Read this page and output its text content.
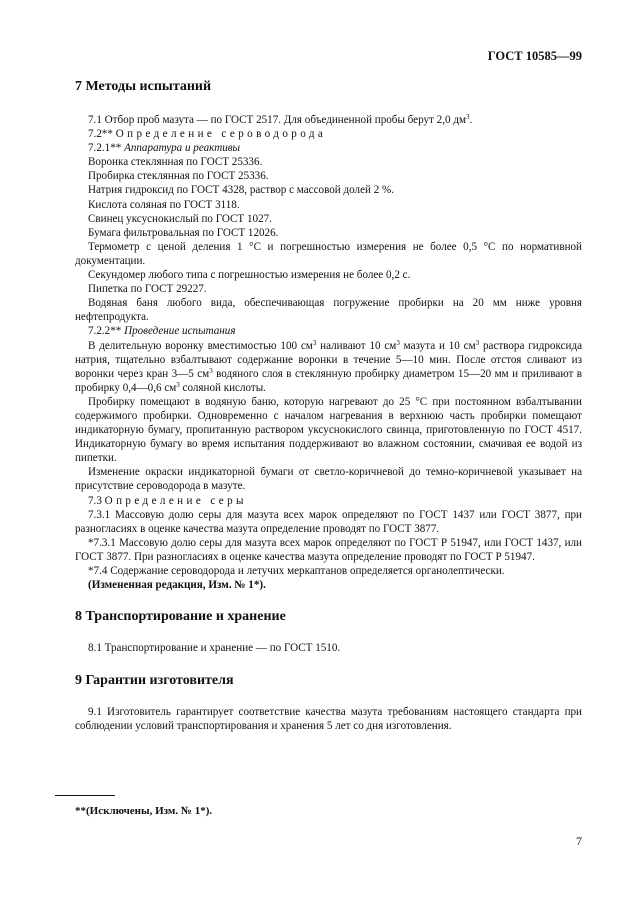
ГОСТ 10585—99
7 Методы испытаний

7.1 Отбор проб мазута — по ГОСТ 2517. Для объединенной пробы берут 2,0 $дм^3$.

7.2** Определение сероводорода

7.2.1** Аппаратура и реактивы

Воронка стеклянная по ГОСТ 25336.

Пробирка стеклянная по ГОСТ 25336.

Натрия гидроксид по ГОСТ 4328, раствор с массовой долей 2 %.

Кислота соляная по ГОСТ 3118.

Свинец уксуснокислый по ГОСТ 1027.

Бумага фильтровальная по ГОСТ 12026.

Термометр с ценой деления 1 °С и погрешностью измерения не более 0,5 °С по нормативной документации.

Секундомер любого типа с погрешностью измерения не более 0,2 с.

Пипетка по ГОСТ 29227.

Водяная баня любого вида, обеспечивающая погружение пробирки на 20 мм ниже уровня нефтепродукта.

7.2.2** Проведение испытания

В делительную воронку вместимостью 100 $см^3$ наливают 10 $см^3$ мазута и 10 $см^3$ раствора гидроксида натрия, тщательно взбалтывают содержание воронки в течение 5—10 мин. После отстоя сливают из воронки через кран 3—5 $см^3$ водяного слоя в стеклянную пробирку диаметром 15—20 мм и приливают в пробирку 0,4—0,6 $см^3$ соляной кислоты.

Пробирку помещают в водяную баню, которую нагревают до 25 °С при постоянном взбалтывании содержимого пробирки. Одновременно с началом нагревания в верхнюю часть пробирки помещают индикаторную бумагу, пропитанную раствором уксуснокислого свинца, приготовленную по ГОСТ 4517. Индикаторную бумагу во время испытания поддерживают во влажном состоянии, смачивая ее водой из пипетки.

Изменение окраски индикаторной бумаги от светло-коричневой до темно-коричневой указывает на присутствие сероводорода в мазуте.

7.3 Определение серы

7.3.1 Массовую долю серы для мазута всех марок определяют по ГОСТ 1437 или ГОСТ 3877, при разногласиях в оценке качества мазута определение проводят по ГОСТ 3877.

*7.3.1 Массовую долю серы для мазута всех марок определяют по ГОСТ Р 51947, или ГОСТ 1437, или ГОСТ 3877. При разногласиях в оценке качества мазута определение проводят по ГОСТ Р 51947.

*7.4 Содержание сероводорода и летучих меркаптанов определяется органолептически.

(Измененная редакция, Изм. № 1*).

8 Транспортирование и хранение

8.1 Транспортирование и хранение — по ГОСТ 1510.

9 Гарантии изготовителя

9.1 Изготовитель гарантирует соответствие качества мазута требованиям настоящего стандарта при соблюдении условий транспортирования и хранения 5 лет со дня изготовления.

**(Исключены, Изм. № 1*).
7
